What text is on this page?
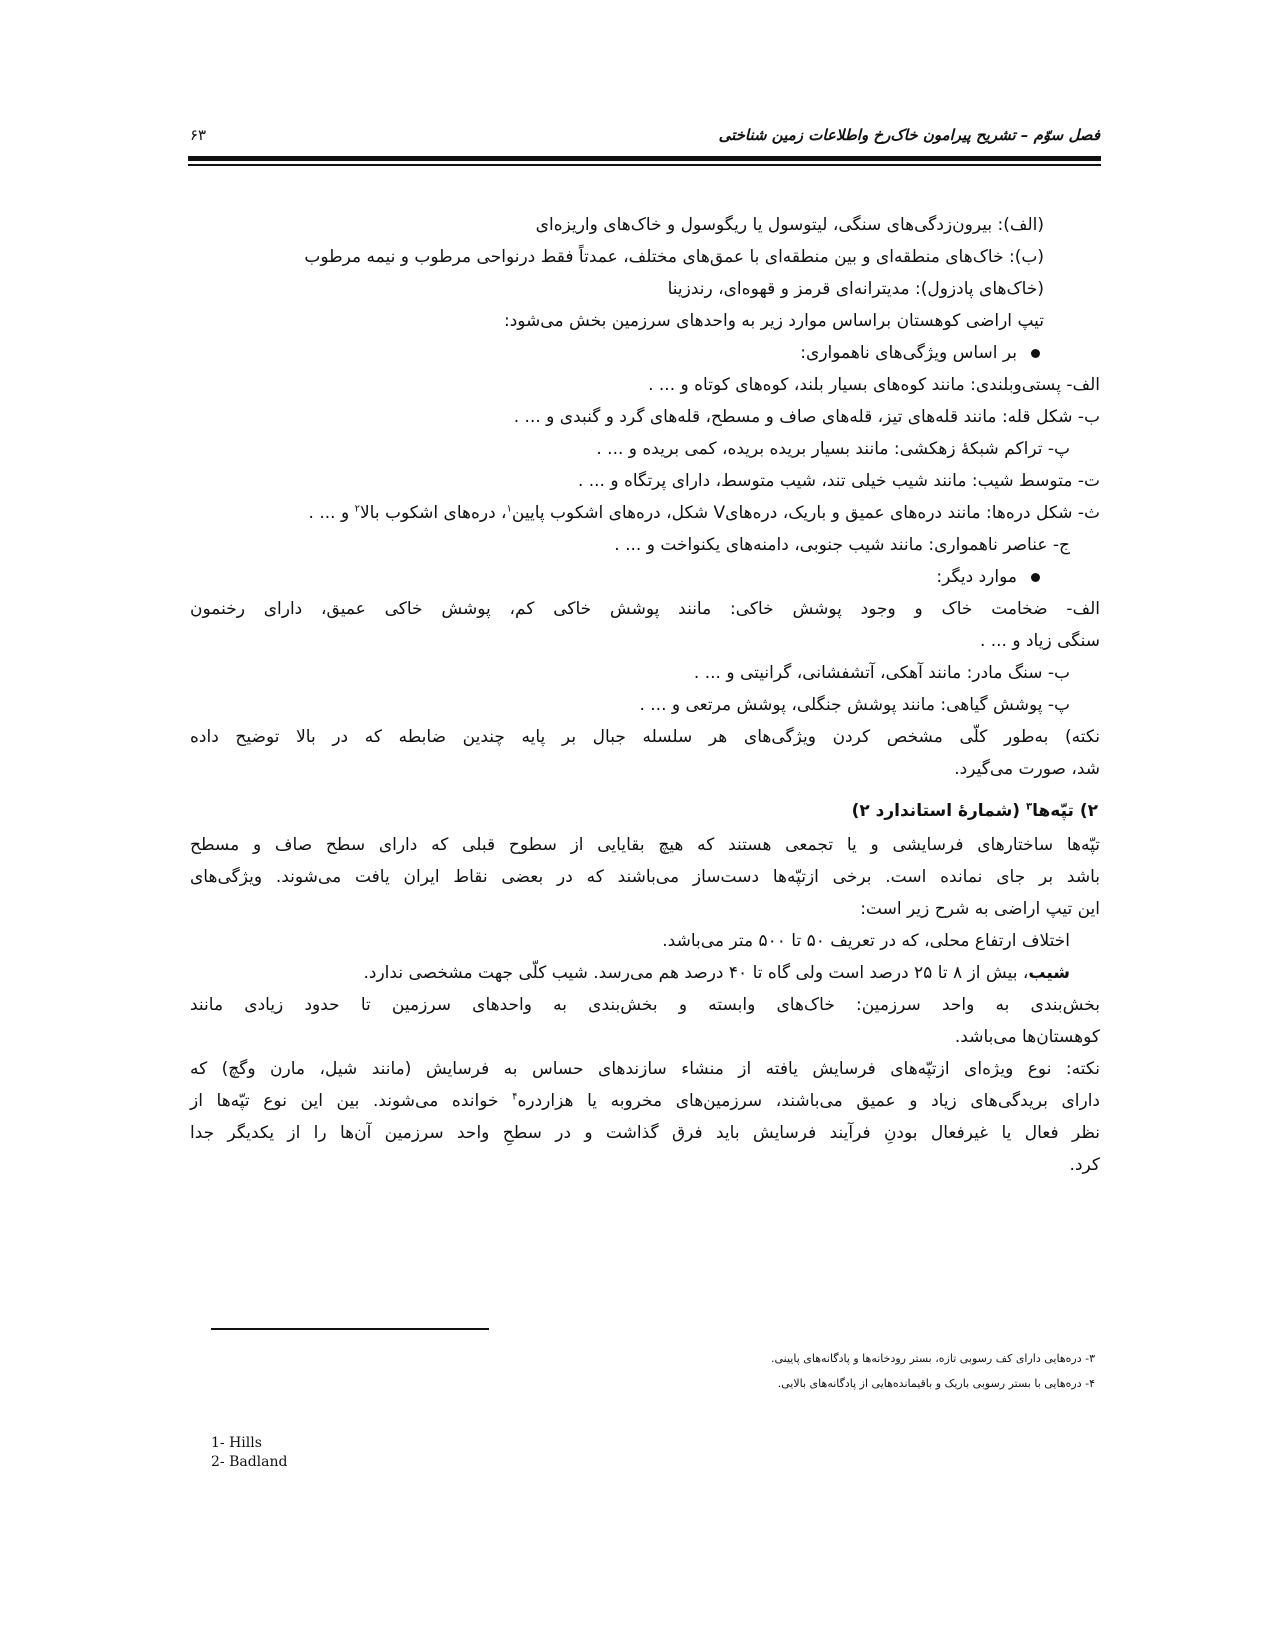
فصل سوّم – تشریح پیرامون خاک‌رخ واطلاعات زمین شناختی
۶۳

(الف): بیرون‌زدگی‌های سنگی، لیتوسول یا ریگوسول و خاک‌های واریزه‌ای

(ب): خاک‌های منطقه‌ای و بین منطقه‌ای با عمق‌های مختلف، عمدتاً فقط درنواحی مرطوب و نیمه مرطوب

(خاک‌های پادزول): مدیترانه‌ای قرمز و قهوه‌ای، رندزینا

تیپ اراضی کوهستان براساس موارد زیر به واحدهای سرزمین بخش می‌شود:

بر اساس ویژگی‌های ناهمواری:

الف- پستی‌وبلندی: مانند کوه‌های بسیار بلند، کوه‌های کوتاه و ... .

ب- شکل قله: مانند قله‌های تیز، قله‌های صاف و مسطح، قله‌های گرد و گنبدی و ... .

پ- تراکم شبکهٔ زهکشی: مانند بسیار بریده بریده، کمی بریده و ... .

ت- متوسط شیب: مانند شیب خیلی تند، شیب متوسط، دارای پرتگاه و ... .

ث- شکل دره‌ها: مانند دره‌های عمیق و باریک، دره‌هایV شکل، دره‌های اشکوب پایین$^۱$، دره‌های اشکوب بالا$^۲$ و ... .

ج- عناصر ناهمواری: مانند شیب جنوبی، دامنه‌های یکنواخت و ... .

موارد دیگر:

الف- ضخامت خاک و وجود پوشش خاکی: مانند پوشش خاکی کم، پوشش خاکی عمیق، دارای رخنمون

سنگی زیاد و ... .

ب- سنگ مادر: مانند آهکی، آتشفشانی، گرانیتی و ... .

پ- پوشش گیاهی: مانند پوشش جنگلی، پوشش مرتعی و ... .

نکته) به‌طور کلّی مشخص کردن ویژگی‌های هر سلسله جبال بر پایه چندین ضابطه که در بالا توضیح داده

شد، صورت می‌گیرد.

۲) تپّه‌ها$^۳$ (شمارهٔ استاندارد ۲)

تپّه‌ها ساختارهای فرسایشی و یا تجمعی هستند که هیچ بقایایی از سطوح قبلی که دارای سطح صاف و مسطح

باشد بر جای نمانده است. برخی ازتپّه‌ها دست‌ساز می‌باشند که در بعضی نقاط ایران یافت می‌شوند. ویژگی‌های

این تیپ اراضی به شرح زیر است:

اختلاف ارتفاع محلی، که در تعریف ۵۰ تا ۵۰۰ متر می‌باشد.

شیب، بیش از ۸ تا ۲۵ درصد است ولی گاه تا ۴۰ درصد هم می‌رسد. شیب کلّی جهت مشخصی ندارد.

بخش‌بندی به واحد سرزمین: خاک‌های وابسته و بخش‌بندی به واحدهای سرزمین تا حدود زیادی مانند

کوهستان‌ها می‌باشد.

نکته: نوع ویژه‌ای ازتپّه‌های فرسایش یافته از منشاء سازندهای حساس به فرسایش (مانند شیل، مارن وگچ) که

دارای بریدگی‌های زیاد و عمیق می‌باشند، سرزمین‌های مخروبه یا هزاردره$^۴$ خوانده می‌شوند. بین این نوع تپّه‌ها از

نظر فعال یا غیرفعال بودنِ فرآیند فرسایش باید فرق گذاشت و در سطحِ واحد سرزمین آن‌ها را از یکدیگر جدا

کرد.

۳- دره‌هایی دارای کف رسوبی تازه، بستر رودخانه‌ها و پادگانه‌های پایینی.

۴- دره‌هایی با بستر رسوبی باریک و باقیمانده‌هایی از پادگانه‌های بالایی.

1- Hills

2- Badland
